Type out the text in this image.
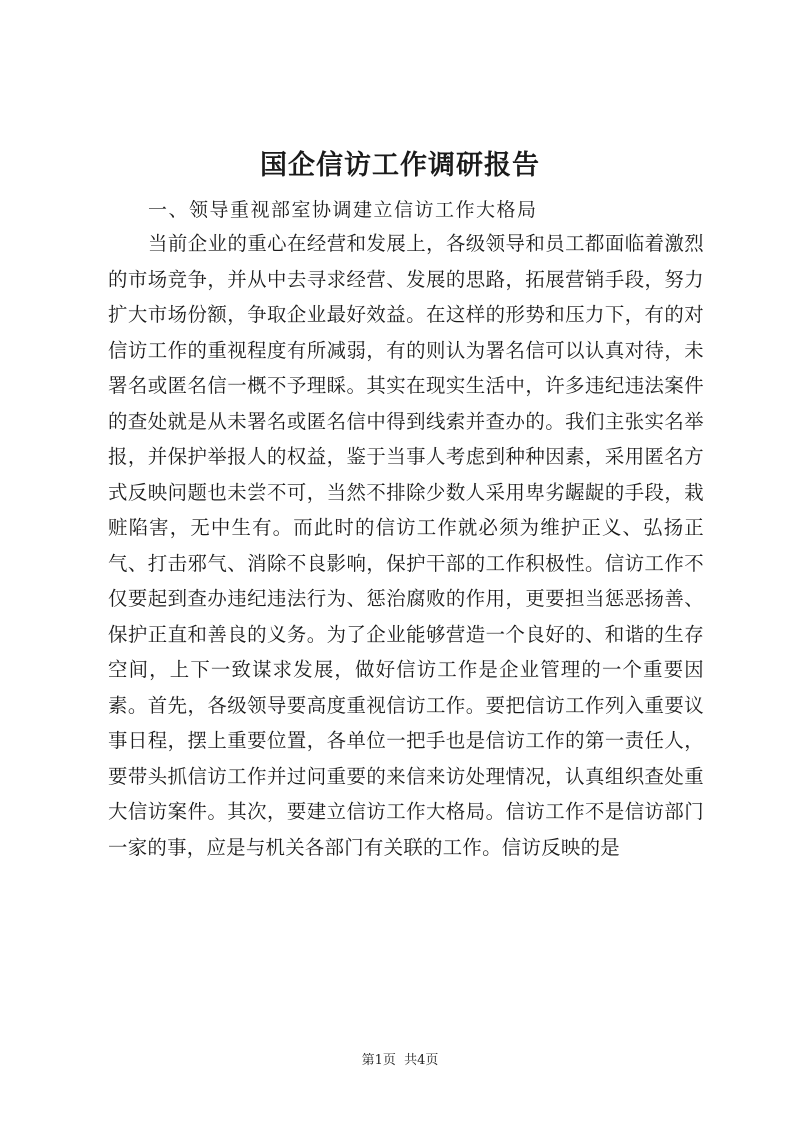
国企信访工作调研报告

一、领导重视部室协调建立信访工作大格局

当前企业的重心在经营和发展上，各级领导和员工都面临着激烈的市场竞争，并从中去寻求经营、发展的思路，拓展营销手段，努力扩大市场份额，争取企业最好效益。在这样的形势和压力下，有的对信访工作的重视程度有所减弱，有的则认为署名信可以认真对待，未署名或匿名信一概不予理睬。其实在现实生活中，许多违纪违法案件的查处就是从未署名或匿名信中得到线索并查办的。我们主张实名举报，并保护举报人的权益，鉴于当事人考虑到种种因素，采用匿名方式反映问题也未尝不可，当然不排除少数人采用卑劣龌龊的手段，栽赃陷害，无中生有。而此时的信访工作就必须为维护正义、弘扬正气、打击邪气、消除不良影响，保护干部的工作积极性。信访工作不仅要起到查办违纪违法行为、惩治腐败的作用，更要担当惩恶扬善、保护正直和善良的义务。为了企业能够营造一个良好的、和谐的生存空间，上下一致谋求发展，做好信访工作是企业管理的一个重要因素。首先，各级领导要高度重视信访工作。要把信访工作列入重要议事日程，摆上重要位置，各单位一把手也是信访工作的第一责任人，要带头抓信访工作并过问重要的来信来访处理情况，认真组织查处重大信访案件。其次，要建立信访工作大格局。信访工作不是信访部门一家的事，应是与机关各部门有关联的工作。信访反映的是

第1页 共4页
